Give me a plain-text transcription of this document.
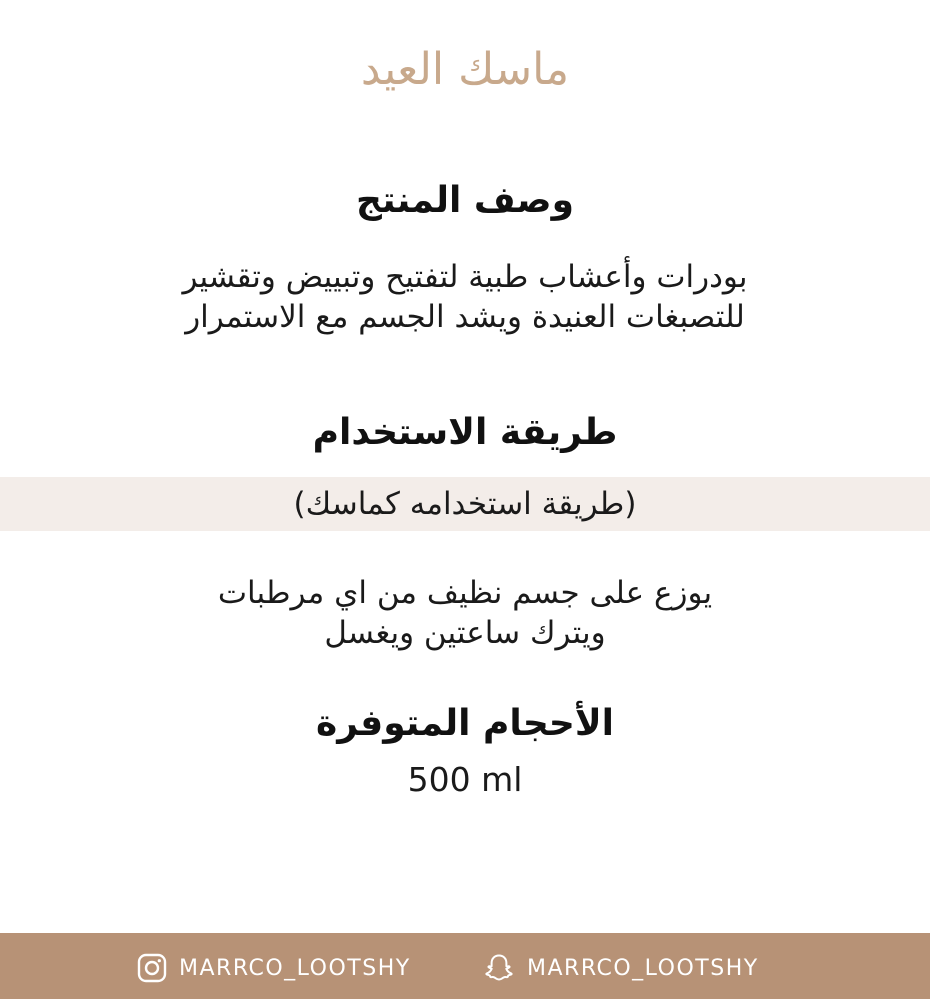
ماسك العيد
وصف المنتج
بودرات وأعشاب طبية لتفتيح وتبييض وتقشير
للتصبغات العنيدة ويشد الجسم مع الاستمرار
طريقة الاستخدام
(طريقة استخدامه كماسك)
يوزع على جسم نظيف من اي مرطبات
ويترك ساعتين ويغسل
الأحجام المتوفرة
500 ml
MARRCO_LOOTSHY	MARRCO_LOOTSHY
